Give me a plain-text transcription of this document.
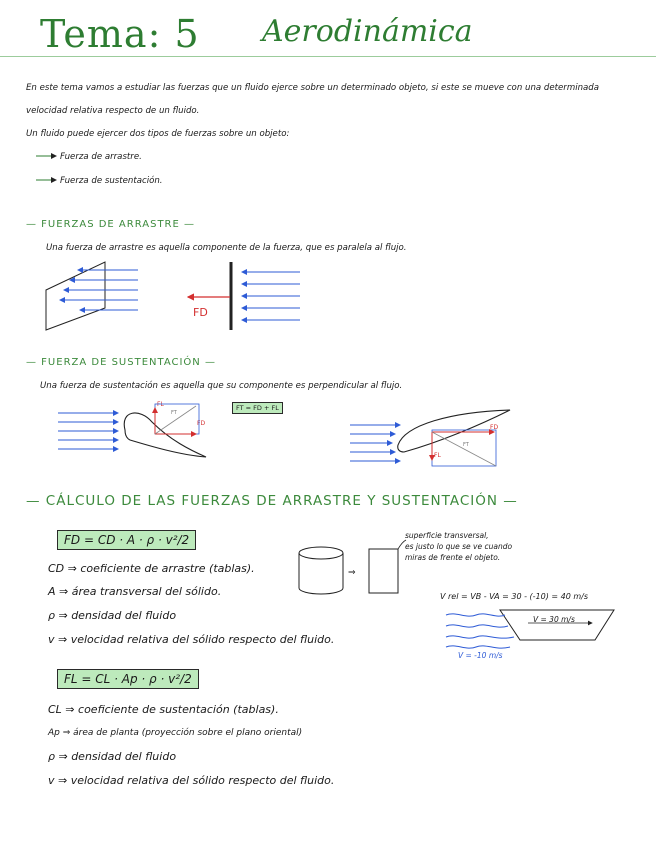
Tema: 5 Aerodinámica
En este tema vamos a estudiar las fuerzas que un fluido ejerce sobre un determinado objeto, si este se mueve con una determinada
velocidad relativa respecto de un fluido.
Un fluido puede ejercer dos tipos de fuerzas sobre un objeto:
Fuerza de arrastre.
Fuerza de sustentación.
— FUERZAS DE ARRASTRE —
Una fuerza de arrastre es aquella componente de la fuerza, que es paralela al flujo.
FD
— FUERZA DE SUSTENTACIÓN —
Una fuerza de sustentación es aquella que su componente es perpendicular al flujo.
FT = FD + FL
FL
FD
FT
FL
FD
FT
— CÁLCULO DE LAS FUERZAS DE ARRASTRE Y SUSTENTACIÓN —
FD = CD · A · ρ · v²/2
CD ⇒ coeficiente de arrastre (tablas).
A ⇒ área transversal del sólido.
ρ ⇒ densidad del fluido
v ⇒ velocidad relativa del sólido respecto del fluido.
superficie transversal,
es justo lo que se ve cuando
miras de frente el objeto.
⇒
V rel = VB - VA = 30 - (-10) = 40 m/s
V = 30 m/s
V = -10 m/s
FL = CL · Ap · ρ · v²/2
CL ⇒ coeficiente de sustentación (tablas).
Ap ⇒ área de planta (proyección sobre el plano oriental)
ρ ⇒ densidad del fluido
v ⇒ velocidad relativa del sólido respecto del fluido.
